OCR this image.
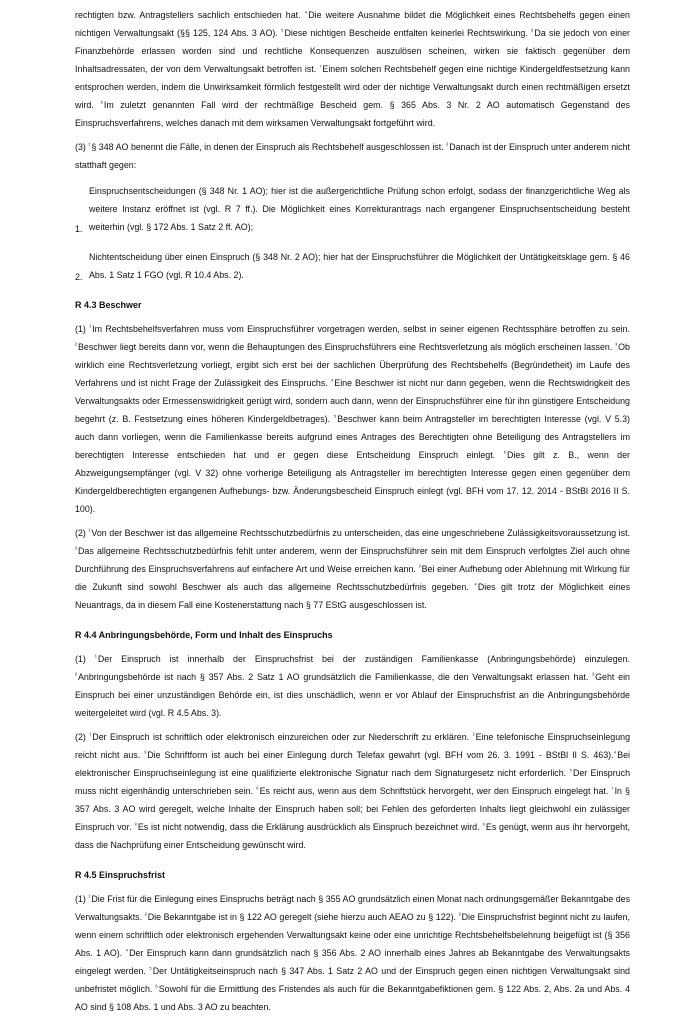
rechtigten bzw. Antragstellers sachlich entschieden hat. $^{^4}$Die weitere Ausnahme bildet die Möglichkeit eines Rechtsbehelfs gegen einen nichtigen Verwaltungsakt (§§ 125, 124 Abs. 3 AO). $^{^5}$Diese nichtigen Bescheide entfalten keinerlei Rechtswirkung. $^{^6}$Da sie jedoch von einer Finanzbehörde erlassen worden sind und rechtliche Konsequenzen auszulösen scheinen, wirken sie faktisch gegenüber dem Inhaltsadressaten, der von dem Verwaltungsakt betroffen ist. $^{^7}$Einem solchen Rechtsbehelf gegen eine nichtige Kindergeldfestsetzung kann entsprochen werden, indem die Unwirksamkeit förmlich festgestellt wird oder der nichtige Verwaltungsakt durch einen rechtmäßigen ersetzt wird. $^{^8}$Im zuletzt genannten Fall wird der rechtmäßige Bescheid gem. § 365 Abs. 3 Nr. 2 AO automatisch Gegenstand des Einspruchsverfahrens, welches danach mit dem wirksamen Verwaltungsakt fortgeführt wird.

(3) $^{^1}$§ 348 AO benennt die Fälle, in denen der Einspruch als Rechtsbehelf ausgeschlossen ist. $^{^2}$Danach ist der Einspruch unter anderem nicht statthaft gegen:

1.
Einspruchsentscheidungen (§ 348 Nr. 1 AO); hier ist die außergerichtliche Prüfung schon erfolgt, sodass der finanzgerichtliche Weg als weitere Instanz eröffnet ist (vgl. R 7 ff.). Die Möglichkeit eines Korrekturantrags nach ergangener Einspruchsentscheidung besteht weiterhin (vgl. § 172 Abs. 1 Satz 2 ff. AO);
2.
Nichtentscheidung über einen Einspruch (§ 348 Nr. 2 AO); hier hat der Einspruchsführer die Möglichkeit der Untätigkeitsklage gem. § 46 Abs. 1 Satz 1 FGO (vgl. R 10.4 Abs. 2).
R 4.3 Beschwer

(1) $^{^1}$Im Rechtsbehelfsverfahren muss vom Einspruchsführer vorgetragen werden, selbst in seiner eigenen Rechtssphäre betroffen zu sein. $^{^2}$Beschwer liegt bereits dann vor, wenn die Behauptungen des Einspruchsführers eine Rechtsverletzung als möglich erscheinen lassen. $^{^3}$Ob wirklich eine Rechtsverletzung vorliegt, ergibt sich erst bei der sachlichen Überprüfung des Rechtsbehelfs (Begründetheit) im Laufe des Verfahrens und ist nicht Frage der Zulässigkeit des Einspruchs. $^{^4}$Eine Beschwer ist nicht nur dann gegeben, wenn die Rechtswidrigkeit des Verwaltungsakts oder Ermessenswidrigkeit gerügt wird, sondern auch dann, wenn der Einspruchsführer eine für ihn günstigere Entscheidung begehrt (z. B. Festsetzung eines höheren Kindergeldbetrages). $^{^5}$Beschwer kann beim Antragsteller im berechtigten Interesse (vgl. V 5.3) auch dann vorliegen, wenn die Familienkasse bereits aufgrund eines Antrages des Berechtigten ohne Beteiligung des Antragstellers im berechtigten Interesse entschieden hat und er gegen diese Entscheidung Einspruch einlegt. $^{^6}$Dies gilt z. B., wenn der Abzweigungsempfänger (vgl. V 32) ohne vorherige Beteiligung als Antragsteller im berechtigten Interesse gegen einen gegenüber dem Kindergeldberechtigten ergangenen Aufhebungs- bzw. Änderungsbescheid Einspruch einlegt (vgl. BFH vom 17. 12. 2014 - BStBl 2016 II S. 100).

(2) $^{^1}$Von der Beschwer ist das allgemeine Rechtsschutzbedürfnis zu unterscheiden, das eine ungeschriebene Zulässigkeitsvoraussetzung ist. $^{^2}$Das allgemeine Rechtsschutzbedürfnis fehlt unter anderem, wenn der Einspruchsführer sein mit dem Einspruch verfolgtes Ziel auch ohne Durchführung des Einspruchsverfahrens auf einfachere Art und Weise erreichen kann. $^{^3}$Bei einer Aufhebung oder Ablehnung mit Wirkung für die Zukunft sind sowohl Beschwer als auch das allgemeine Rechtsschutzbedürfnis gegeben. $^{^4}$Dies gilt trotz der Möglichkeit eines Neuantrags, da in diesem Fall eine Kostenerstattung nach § 77 EStG ausgeschlossen ist.

R 4.4 Anbringungsbehörde, Form und Inhalt des Einspruchs

(1) $^{^1}$Der Einspruch ist innerhalb der Einspruchsfrist bei der zuständigen Familienkasse (Anbringungsbehörde) einzulegen. $^{^2}$Anbringungsbehörde ist nach § 357 Abs. 2 Satz 1 AO grundsätzlich die Familienkasse, die den Verwaltungsakt erlassen hat. $^{^3}$Geht ein Einspruch bei einer unzuständigen Behörde ein, ist dies unschädlich, wenn er vor Ablauf der Einspruchsfrist an die Anbringungsbehörde weitergeleitet wird (vgl. R 4.5 Abs. 3).

(2) $^{^1}$Der Einspruch ist schriftlich oder elektronisch einzureichen oder zur Niederschrift zu erklären. $^{^2}$Eine telefonische Einspruchseinlegung reicht nicht aus. $^{^3}$Die Schriftform ist auch bei einer Einlegung durch Telefax gewahrt (vgl. BFH vom 26. 3. 1991 - BStBl II S. 463).$^{^4}$Bei elektronischer Einspruchseinlegung ist eine qualifizierte elektronische Signatur nach dem Signaturgesetz nicht erforderlich. $^{^5}$Der Einspruch muss nicht eigenhändig unterschrieben sein. $^{^6}$Es reicht aus, wenn aus dem Schriftstück hervorgeht, wer den Einspruch eingelegt hat. $^{^7}$In § 357 Abs. 3 AO wird geregelt, welche Inhalte der Einspruch haben soll; bei Fehlen des geforderten Inhalts liegt gleichwohl ein zulässiger Einspruch vor. $^{^8}$Es ist nicht notwendig, dass die Erklärung ausdrücklich als Einspruch bezeichnet wird. $^{^9}$Es genügt, wenn aus ihr hervorgeht, dass die Nachprüfung einer Entscheidung gewünscht wird.

R 4.5 Einspruchsfrist

(1) $^{^1}$Die Frist für die Einlegung eines Einspruchs beträgt nach § 355 AO grundsätzlich einen Monat nach ordnungsgemäßer Bekanntgabe des Verwaltungsakts. $^{^2}$Die Bekanntgabe ist in § 122 AO geregelt (siehe hierzu auch AEAO zu § 122). $^{^3}$Die Einspruchsfrist beginnt nicht zu laufen, wenn einem schriftlich oder elektronisch ergehenden Verwaltungsakt keine oder eine unrichtige Rechtsbehelfsbelehrung beigefügt ist (§ 356 Abs. 1 AO). $^{^4}$Der Einspruch kann dann grundsätzlich nach § 356 Abs. 2 AO innerhalb eines Jahres ab Bekanntgabe des Verwaltungsakts eingelegt werden. $^{^5}$Der Untätigkeitseinspruch nach § 347 Abs. 1 Satz 2 AO und der Einspruch gegen einen nichtigen Verwaltungsakt sind unbefristet möglich. $^{^6}$Sowohl für die Ermittlung des Fristendes als auch für die Bekanntgabefiktionen gem. § 122 Abs. 2, Abs. 2a und Abs. 4 AO sind § 108 Abs. 1 und Abs. 3 AO zu beachten.
